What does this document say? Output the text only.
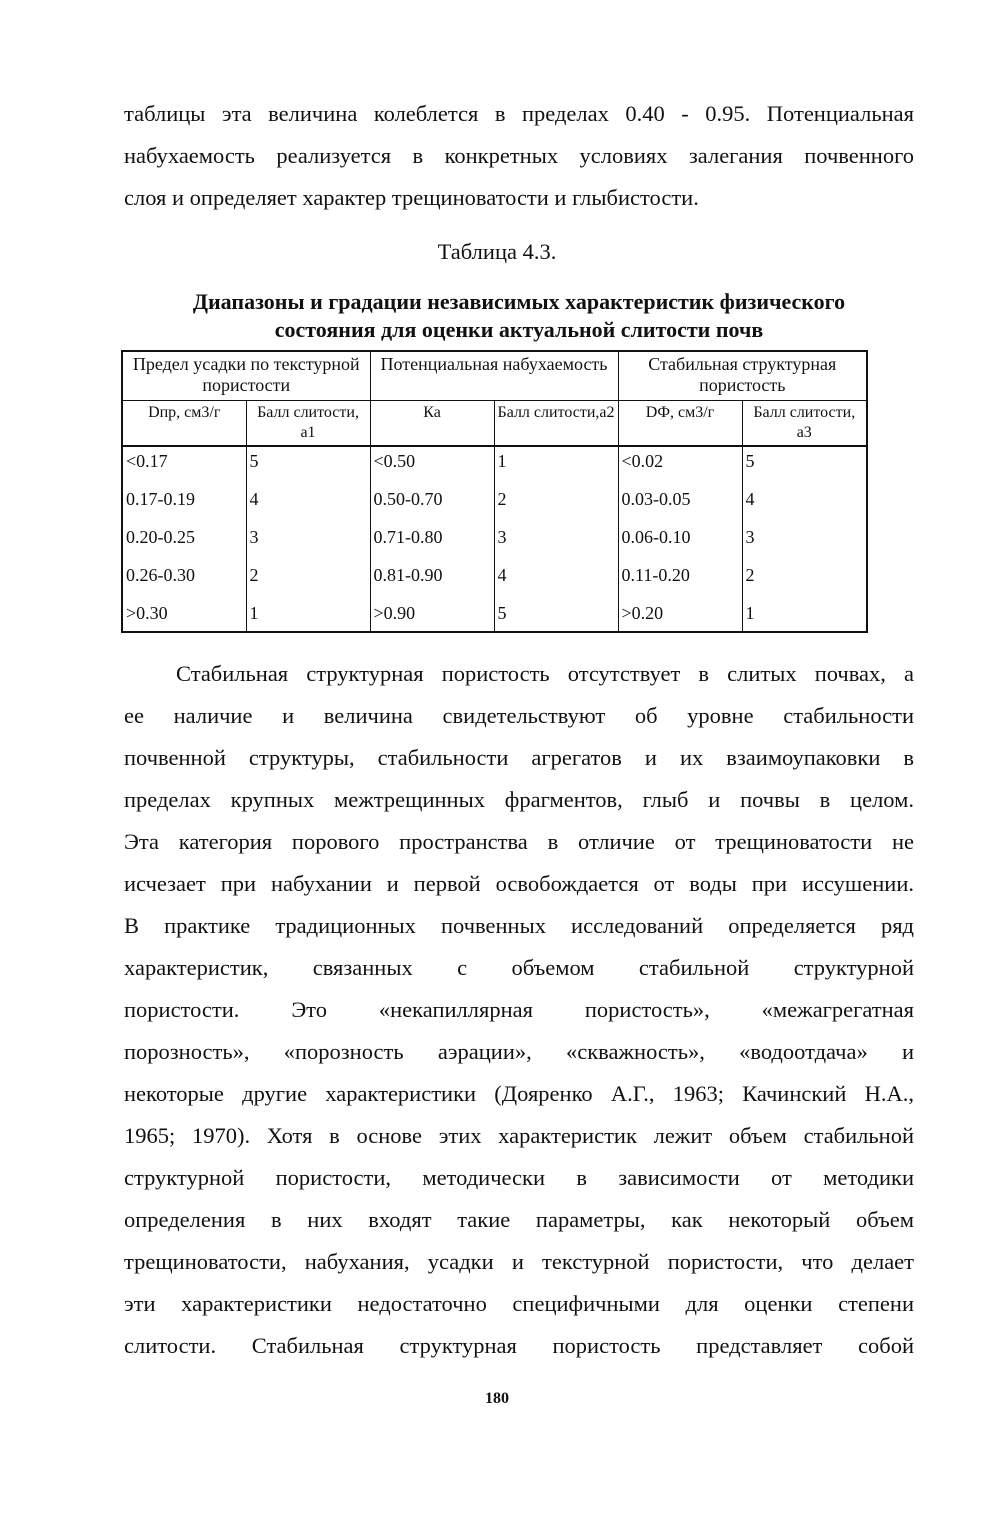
таблицы эта величина колеблется в пределах 0.40 - 0.95. Потенциальная
набухаемость реализуется в конкретных условиях залегания почвенного
слоя и определяет характер трещиноватости и глыбистости.
Таблица 4.3.
Диапазоны и градации независимых характеристик физического
состояния для оценки актуальной слитости почв
Предел усадки по текстурной пористости		Потенциальная набухаемость		Стабильная структурная пористость	
Dпр, см3/г	Балл слитости, a1	Ка	Балл слитости,a2	DФ, см3/г	Балл слитости, а3
<0.17	5	<0.50	1	<0.02	5
0.17-0.19	4	0.50-0.70	2	0.03-0.05	4
0.20-0.25	3	0.71-0.80	3	0.06-0.10	3
0.26-0.30	2	0.81-0.90	4	0.11-0.20	2
>0.30	1	>0.90	5	>0.20	1
Стабильная структурная пористость отсутствует в слитых почвах, а
ее наличие и величина свидетельствуют об уровне стабильности
почвенной структуры, стабильности агрегатов и их взаимоупаковки в
пределах крупных межтрещинных фрагментов, глыб и почвы в целом.
Эта категория порового пространства в отличие от трещиноватости не
исчезает при набухании и первой освобождается от воды при иссушении.
В практике традиционных почвенных исследований определяется ряд
характеристик, связанных с объемом стабильной структурной
пористости. Это «некапиллярная пористость», «межагрегатная
порозность», «порозность аэрации», «скважность», «водоотдача» и
некоторые другие характеристики (Дояренко А.Г., 1963; Качинский Н.А.,
1965; 1970). Хотя в основе этих характеристик лежит объем стабильной
структурной пористости, методически в зависимости от методики
определения в них входят такие параметры, как некоторый объем
трещиноватости, набухания, усадки и текстурной пористости, что делает
эти характеристики недостаточно специфичными для оценки степени
слитости. Стабильная структурная пористость представляет собой
180
